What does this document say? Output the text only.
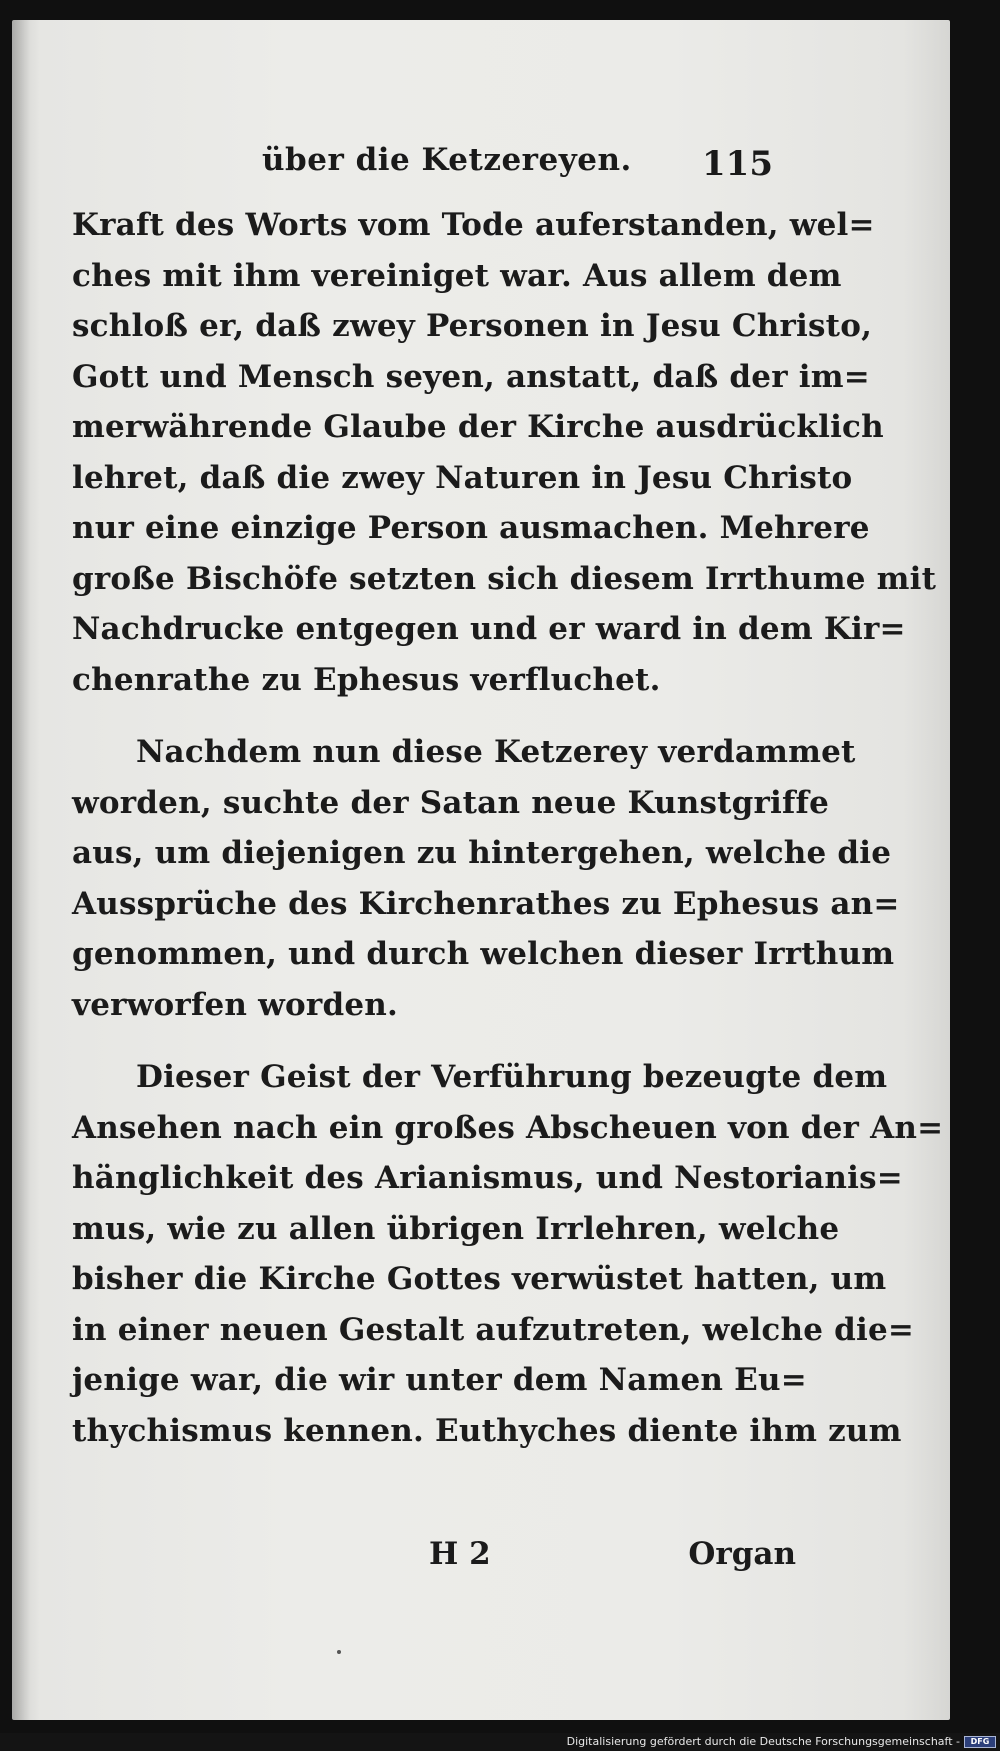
über die Ketzereyen. 115
Kraft des Worts vom Tode auferstanden, wel=
ches mit ihm vereiniget war. Aus allem dem
schloß er, daß zwey Personen in Jesu Christo,
Gott und Mensch seyen, anstatt, daß der im=
merwährende Glaube der Kirche ausdrücklich
lehret, daß die zwey Naturen in Jesu Christo
nur eine einzige Person ausmachen. Mehrere
große Bischöfe setzten sich diesem Irrthume mit
Nachdrucke entgegen und er ward in dem Kir=
chenrathe zu Ephesus verfluchet.
Nachdem nun diese Ketzerey verdammet
worden, suchte der Satan neue Kunstgriffe
aus, um diejenigen zu hintergehen, welche die
Aussprüche des Kirchenrathes zu Ephesus an=
genommen, und durch welchen dieser Irrthum
verworfen worden.
Dieser Geist der Verführung bezeugte dem
Ansehen nach ein großes Abscheuen von der An=
hänglichkeit des Arianismus, und Nestorianis=
mus, wie zu allen übrigen Irrlehren, welche
bisher die Kirche Gottes verwüstet hatten, um
in einer neuen Gestalt aufzutreten, welche die=
jenige war, die wir unter dem Namen Eu=
thychismus kennen. Euthyches diente ihm zum
H 2	Organ
Digitalisierung gefördert durch die Deutsche Forschungsgemeinschaft -	DFG
